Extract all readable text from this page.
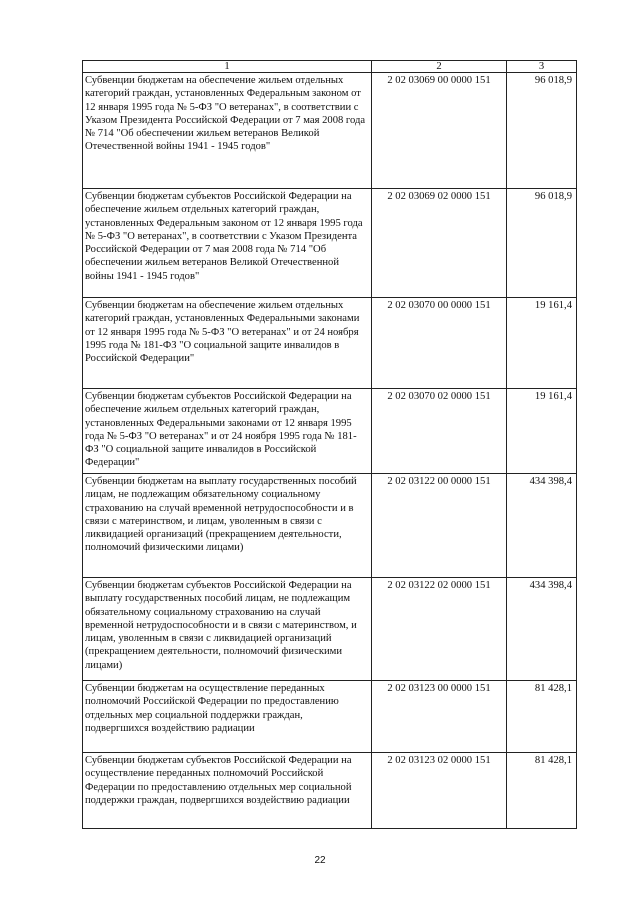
1	2	3
Субвенции бюджетам на обеспечение жильем отдельных категорий граждан, установленных Федеральным законом от 12 января 1995 года № 5-ФЗ "О ветеранах", в соответствии с Указом Президента Российской Федерации от 7 мая 2008 года № 714 "Об обеспечении жильем ветеранов Великой Отечественной войны 1941 - 1945 годов"	2 02 03069 00 0000 151	96 018,9
Субвенции бюджетам субъектов Российской Федерации на обеспечение жильем отдельных категорий граждан, установленных Федеральным законом от 12 января 1995 года № 5-ФЗ "О ветеранах", в соответствии с Указом Президента Российской Федерации от 7 мая 2008 года № 714 "Об обеспечении жильем ветеранов Великой Отечественной войны 1941 - 1945 годов"	2 02 03069 02 0000 151	96 018,9
Субвенции бюджетам на обеспечение жильем отдельных категорий граждан, установленных Федеральными законами от 12 января 1995 года № 5-ФЗ "О ветеранах" и от 24 ноября 1995 года № 181-ФЗ "О социальной защите инвалидов в Российской Федерации"	2 02 03070 00 0000 151	19 161,4
Субвенции бюджетам субъектов Российской Федерации на обеспечение жильем отдельных категорий граждан, установленных Федеральными законами от 12 января 1995 года № 5-ФЗ "О ветеранах" и от 24 ноября 1995 года № 181-ФЗ "О социальной защите инвалидов в Российской Федерации"	2 02 03070 02 0000 151	19 161,4
Субвенции бюджетам на выплату государственных пособий лицам, не подлежащим обязательному социальному страхованию на случай временной нетрудоспособности и в связи с материнством, и лицам, уволенным в связи с ликвидацией организаций (прекращением деятельности, полномочий физическими лицами)	2 02 03122 00 0000 151	434 398,4
Субвенции бюджетам субъектов Российской Федерации на выплату государственных пособий лицам, не подлежащим обязательному социальному страхованию на случай временной нетрудоспособности и в связи с материнством, и лицам, уволенным в связи с ликвидацией организаций (прекращением деятельности, полномочий физическими лицами)	2 02 03122 02 0000 151	434 398,4
Субвенции бюджетам на осуществление переданных полномочий Российской Федерации по предоставлению отдельных мер социальной поддержки граждан, подвергшихся воздействию радиации	2 02 03123 00 0000 151	81 428,1
Субвенции бюджетам субъектов Российской Федерации на осуществление переданных полномочий Российской Федерации по предоставлению отдельных мер социальной поддержки граждан, подвергшихся воздействию радиации	2 02 03123 02 0000 151	81 428,1
22
